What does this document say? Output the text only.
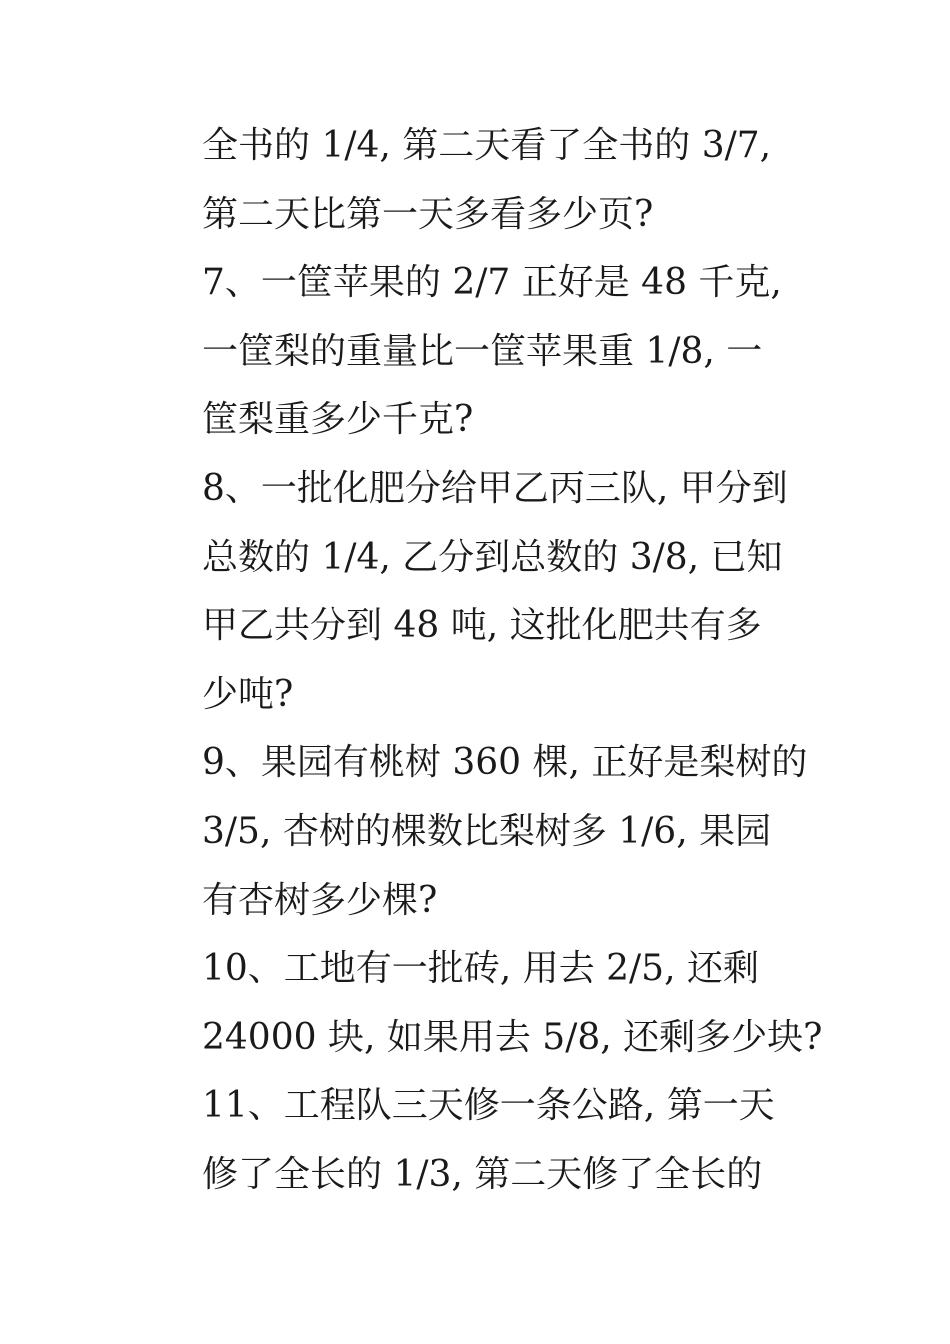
全书的 1/4, 第二天看了全书的 3/7,
第二天比第一天多看多少页?
7、一筐苹果的 2/7 正好是 48 千克,
一筐梨的重量比一筐苹果重 1/8, 一
筐梨重多少千克?
8、一批化肥分给甲乙丙三队, 甲分到
总数的 1/4, 乙分到总数的 3/8, 已知
甲乙共分到 48 吨, 这批化肥共有多
少吨?
9、果园有桃树 360 棵, 正好是梨树的
3/5, 杏树的棵数比梨树多 1/6, 果园
有杏树多少棵?
10、工地有一批砖, 用去 2/5, 还剩
24000 块, 如果用去 5/8, 还剩多少块?
11、工程队三天修一条公路, 第一天
修了全长的 1/3, 第二天修了全长的
